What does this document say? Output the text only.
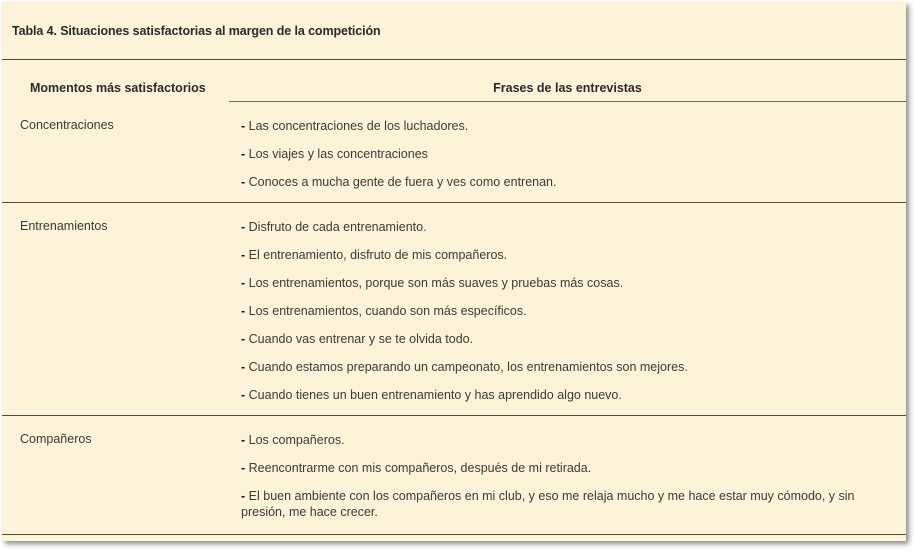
Tabla 4. Situaciones satisfactorias al margen de la competición
Momentos más satisfactorios	Frases de las entrevistas
Concentraciones	- Las concentraciones de los luchadores.
- Los viajes y las concentraciones
- Conoces a mucha gente de fuera y ves como entrenan.
Entrenamientos	- Disfruto de cada entrenamiento.
- El entrenamiento, disfruto de mis compañeros.
- Los entrenamientos, porque son más suaves y pruebas más cosas.
- Los entrenamientos, cuando son más específicos.
- Cuando vas entrenar y se te olvida todo.
- Cuando estamos preparando un campeonato, los entrenamientos son mejores.
- Cuando tienes un buen entrenamiento y has aprendido algo nuevo.
Compañeros	- Los compañeros.
- Reencontrarme con mis compañeros, después de mi retirada.
- El buen ambiente con los compañeros en mi club, y eso me relaja mucho y me hace estar muy cómodo, y sin presión, me hace crecer.
